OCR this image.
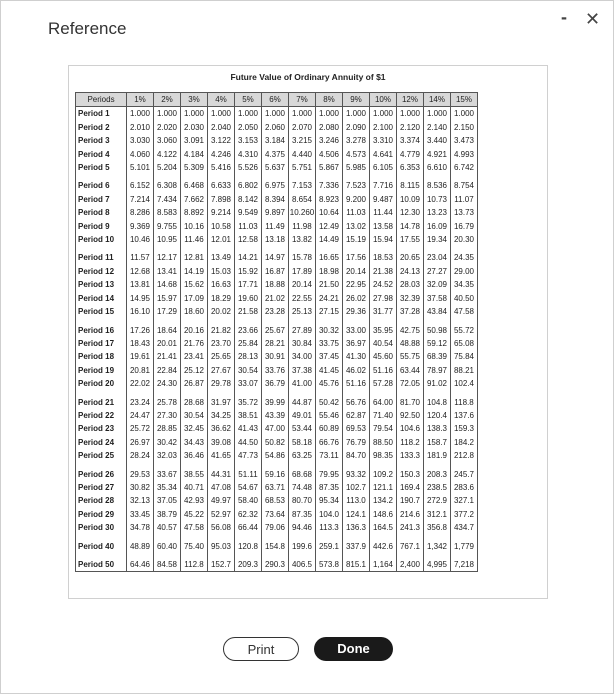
Reference
- ✕
Future Value of Ordinary Annuity of $1
Periods	1%	2%	3%	4%	5%	6%	7%	8%	9%	10%	12%	14%	15%
Period 1	1.000	1.000	1.000	1.000	1.000	1.000	1.000	1.000	1.000	1.000	1.000	1.000	1.000
Period 2	2.010	2.020	2.030	2.040	2.050	2.060	2.070	2.080	2.090	2.100	2.120	2.140	2.150
Period 3	3.030	3.060	3.091	3.122	3.153	3.184	3.215	3.246	3.278	3.310	3.374	3.440	3.473
Period 4	4.060	4.122	4.184	4.246	4.310	4.375	4.440	4.506	4.573	4.641	4.779	4.921	4.993
Period 5	5.101	5.204	5.309	5.416	5.526	5.637	5.751	5.867	5.985	6.105	6.353	6.610	6.742

Period 6	6.152	6.308	6.468	6.633	6.802	6.975	7.153	7.336	7.523	7.716	8.115	8.536	8.754
Period 7	7.214	7.434	7.662	7.898	8.142	8.394	8.654	8.923	9.200	9.487	10.09	10.73	11.07
Period 8	8.286	8.583	8.892	9.214	9.549	9.897	10.260	10.64	11.03	11.44	12.30	13.23	13.73
Period 9	9.369	9.755	10.16	10.58	11.03	11.49	11.98	12.49	13.02	13.58	14.78	16.09	16.79
Period 10	10.46	10.95	11.46	12.01	12.58	13.18	13.82	14.49	15.19	15.94	17.55	19.34	20.30

Period 11	11.57	12.17	12.81	13.49	14.21	14.97	15.78	16.65	17.56	18.53	20.65	23.04	24.35
Period 12	12.68	13.41	14.19	15.03	15.92	16.87	17.89	18.98	20.14	21.38	24.13	27.27	29.00
Period 13	13.81	14.68	15.62	16.63	17.71	18.88	20.14	21.50	22.95	24.52	28.03	32.09	34.35
Period 14	14.95	15.97	17.09	18.29	19.60	21.02	22.55	24.21	26.02	27.98	32.39	37.58	40.50
Period 15	16.10	17.29	18.60	20.02	21.58	23.28	25.13	27.15	29.36	31.77	37.28	43.84	47.58

Period 16	17.26	18.64	20.16	21.82	23.66	25.67	27.89	30.32	33.00	35.95	42.75	50.98	55.72
Period 17	18.43	20.01	21.76	23.70	25.84	28.21	30.84	33.75	36.97	40.54	48.88	59.12	65.08
Period 18	19.61	21.41	23.41	25.65	28.13	30.91	34.00	37.45	41.30	45.60	55.75	68.39	75.84
Period 19	20.81	22.84	25.12	27.67	30.54	33.76	37.38	41.45	46.02	51.16	63.44	78.97	88.21
Period 20	22.02	24.30	26.87	29.78	33.07	36.79	41.00	45.76	51.16	57.28	72.05	91.02	102.4

Period 21	23.24	25.78	28.68	31.97	35.72	39.99	44.87	50.42	56.76	64.00	81.70	104.8	118.8
Period 22	24.47	27.30	30.54	34.25	38.51	43.39	49.01	55.46	62.87	71.40	92.50	120.4	137.6
Period 23	25.72	28.85	32.45	36.62	41.43	47.00	53.44	60.89	69.53	79.54	104.6	138.3	159.3
Period 24	26.97	30.42	34.43	39.08	44.50	50.82	58.18	66.76	76.79	88.50	118.2	158.7	184.2
Period 25	28.24	32.03	36.46	41.65	47.73	54.86	63.25	73.11	84.70	98.35	133.3	181.9	212.8

Period 26	29.53	33.67	38.55	44.31	51.11	59.16	68.68	79.95	93.32	109.2	150.3	208.3	245.7
Period 27	30.82	35.34	40.71	47.08	54.67	63.71	74.48	87.35	102.7	121.1	169.4	238.5	283.6
Period 28	32.13	37.05	42.93	49.97	58.40	68.53	80.70	95.34	113.0	134.2	190.7	272.9	327.1
Period 29	33.45	38.79	45.22	52.97	62.32	73.64	87.35	104.0	124.1	148.6	214.6	312.1	377.2
Period 30	34.78	40.57	47.58	56.08	66.44	79.06	94.46	113.3	136.3	164.5	241.3	356.8	434.7

Period 40	48.89	60.40	75.40	95.03	120.8	154.8	199.6	259.1	337.9	442.6	767.1	1,342	1,779

Period 50	64.46	84.58	112.8	152.7	209.3	290.3	406.5	573.8	815.1	1,164	2,400	4,995	7,218
Print	Done
